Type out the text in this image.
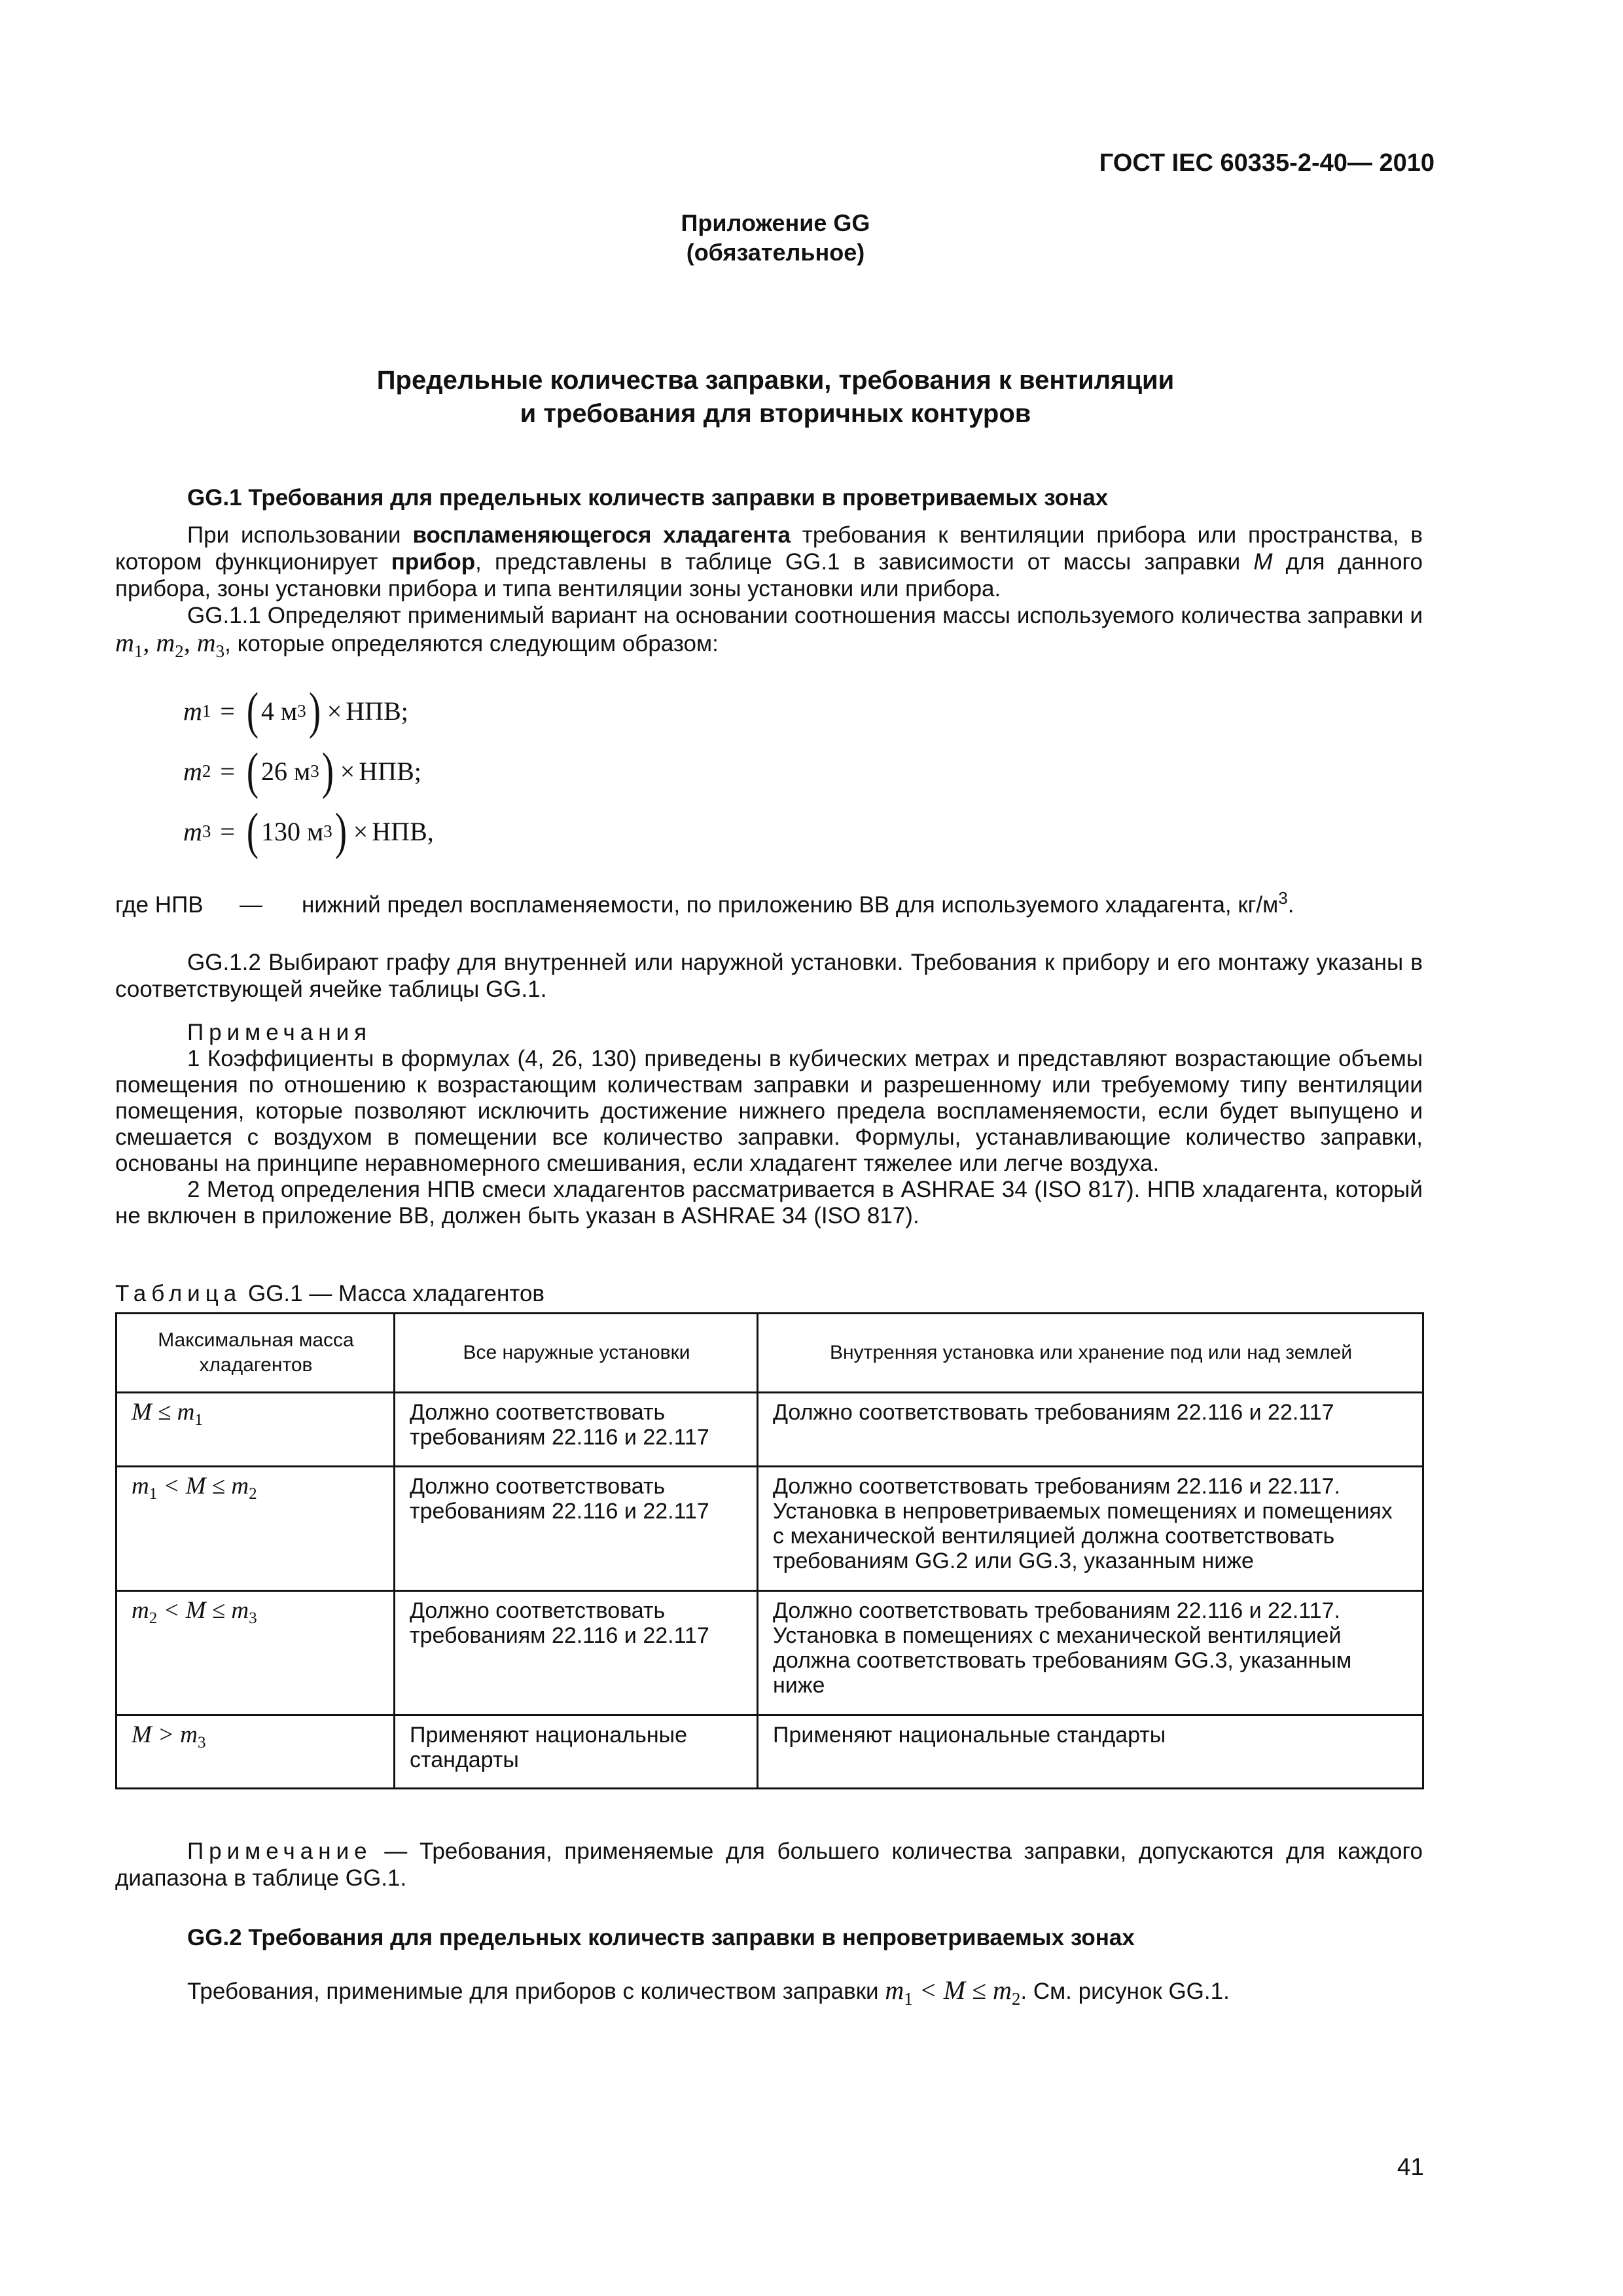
ГОСТ IEC 60335-2-40— 2010
Приложение GG
(обязательное)
Предельные количества заправки, требования к вентиляции
и требования для вторичных контуров
GG.1 Требования для предельных количеств заправки в проветриваемых зонах

При использовании воспламеняющегося хладагента требования к вентиляции прибора или пространства, в котором функционирует прибор, представлены в таблице GG.1 в зависимости от массы заправки M для данного прибора, зоны установки прибора и типа вентиляции зоны установки или прибора.

GG.1.1 Определяют применимый вариант на основании соотношения массы используемого количества заправки и $m_1$, $m_2$, $m_3$, которые определяются следующим образом:

m 1 = ( 4
м 3 ) × НПВ;
m 2 = ( 26
м 3 ) × НПВ;
m 3 = ( 130
м 3 ) × НПВ,
где НПВ — нижний предел воспламеняемости, по приложению ВВ для используемого хладагента, $кг/м^3$.

GG.1.2 Выбирают графу для внутренней или наружной установки. Требования к прибору и его монтажу указаны в соответствующей ячейке таблицы GG.1.

Примечания

1 Коэффициенты в формулах (4, 26, 130) приведены в кубических метрах и представляют возрастающие объемы помещения по отношению к возрастающим количествам заправки и разрешенному или требуемому типу вентиляции помещения, которые позволяют исключить достижение нижнего предела воспламеняемости, если будет выпущено и смешается с воздухом в помещении все количество заправки. Формулы, устанавливающие количество заправки, основаны на принципе неравномерного смешивания, если хладагент тяжелее или легче воздуха.

2 Метод определения НПВ смеси хладагентов рассматривается в ASHRAE 34 (ISO 817). НПВ хладагента, который не включен в приложение ВВ, должен быть указан в ASHRAE 34 (ISO 817).

Таблица GG.1 — Масса хладагентов
Максимальная масса хладагентов	Все наружные установки	Внутренняя установка или хранение под или над землей
$M \le m_1$	Должно соответствовать требованиям 22.116 и 22.117	Должно соответствовать требованиям 22.116 и 22.117
$m_1 < M \le m_2$	Должно соответствовать требованиям 22.116 и 22.117	Должно соответствовать требованиям 22.116 и 22.117. Установка в непроветриваемых помещениях и помещениях с механической вентиляцией должна соответствовать требованиям GG.2 или GG.3, указанным ниже
$m_2 < M \le m_3$	Должно соответствовать требованиям 22.116 и 22.117	Должно соответствовать требованиям 22.116 и 22.117. Установка в помещениях с механической вентиляцией должна соответствовать требованиям GG.3, указанным ниже
$M > m_3$	Применяют национальные стандарты	Применяют национальные стандарты

Примечание — Требования, применяемые для большего количества заправки, допускаются для каждого диапазона в таблице GG.1.

GG.2 Требования для предельных количеств заправки в непроветриваемых зонах
Требования, применимые для приборов с количеством заправки $m_1 < M \le m_2$. См. рисунок GG.1.
41
